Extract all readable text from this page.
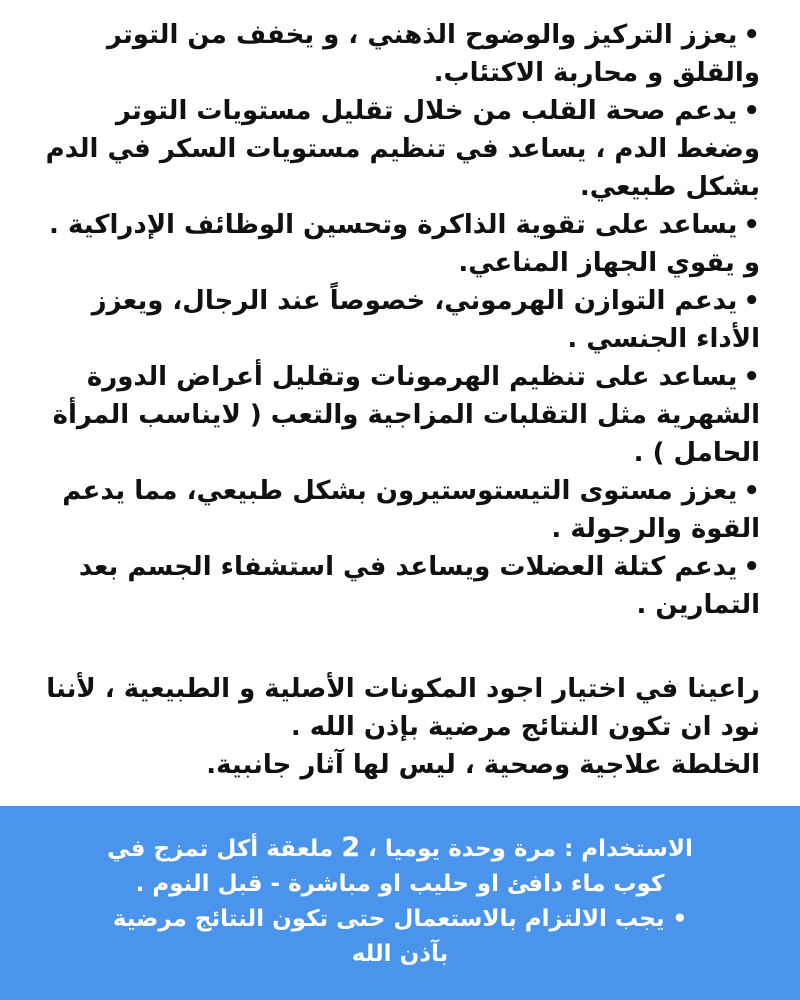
•يعزز التركيز والوضوح الذهني ، و يخفف من التوتر والقلق و محاربة الاكتئاب.
•يدعم صحة القلب من خلال تقليل مستويات التوتر وضغط الدم ، يساعد في تنظيم مستويات السكر في الدم بشكل طبيعي.
•يساعد على تقوية الذاكرة وتحسين الوظائف الإدراكية . و يقوي الجهاز المناعي.
•يدعم التوازن الهرموني، خصوصاً عند الرجال، ويعزز الأداء الجنسي .
•يساعد على تنظيم الهرمونات وتقليل أعراض الدورة الشهرية مثل التقلبات المزاجية والتعب ( لايناسب المرأة الحامل ) .
•يعزز مستوى التيستوستيرون بشكل طبيعي، مما يدعم القوة والرجولة .
•يدعم كتلة العضلات ويساعد في استشفاء الجسم بعد التمارين .

راعينا في اختيار اجود المكونات الأصلية و الطبيعية ، لأننا نود ان تكون النتائج مرضية بإذن الله .

الخلطة علاجية وصحية ، ليس لها آثار جانبية.

الاستخدام : مرة وحدة يوميا ، 2 ملعقة أكل تمزج في كوب ماء دافئ او حليب او مباشرة - قبل النوم .

• يجب الالتزام بالاستعمال حتى تكون النتائج مرضية بآذن الله
